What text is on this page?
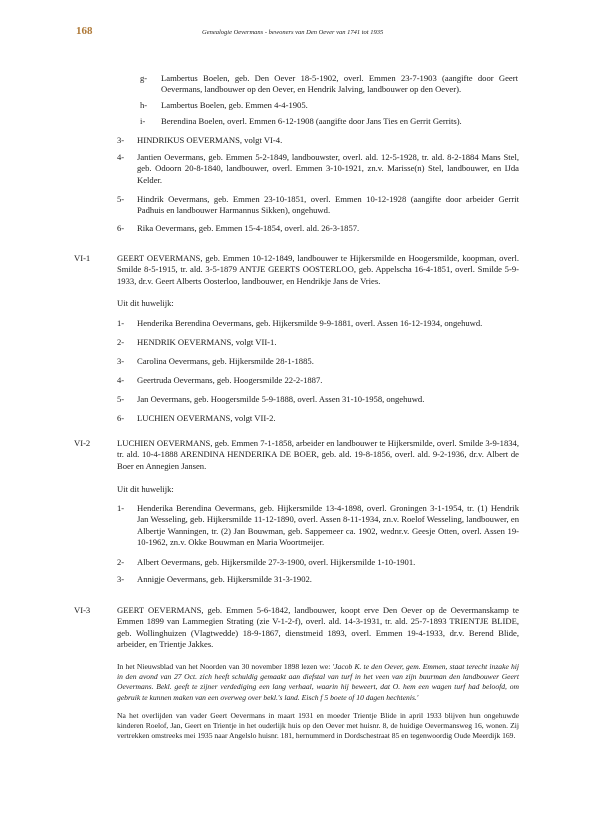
168	Genealogie Oevermans - bewoners van Den Oever van 1741 tot 1935
g- Lambertus Boelen, geb. Den Oever 18-5-1902, overl. Emmen 23-7-1903 (aangifte door Geert Oevermans, landbouwer op den Oever, en Hendrik Jalving, landbouwer op den Oever).
h- Lambertus Boelen, geb. Emmen 4-4-1905.
i- Berendina Boelen, overl. Emmen 6-12-1908 (aangifte door Jans Ties en Gerrit Gerrits).
3- HINDRIKUS OEVERMANS, volgt VI-4.
4- Jantien Oevermans, geb. Emmen 5-2-1849, landbouwster, overl. ald. 12-5-1928, tr. ald. 8-2-1884 Mans Stel, geb. Odoorn 20-8-1840, landbouwer, overl. Emmen 3-10-1921, zn.v. Marisse(n) Stel, landbouwer, en IJda Kelder.
5- Hindrik Oevermans, geb. Emmen 23-10-1851, overl. Emmen 10-12-1928 (aangifte door arbeider Gerrit Padhuis en landbouwer Harmannus Sikken), ongehuwd.
6- Rika Oevermans, geb. Emmen 15-4-1854, overl. ald. 26-3-1857.
VI-1	GEERT OEVERMANS, geb. Emmen 10-12-1849, landbouwer te Hijkersmilde en Hoogersmilde, koopman, overl. Smilde 8-5-1915, tr. ald. 3-5-1879 ANTJE GEERTS OOSTERLOO, geb. Appelscha 16-4-1851, overl. Smilde 5-9-1933, dr.v. Geert Alberts Oosterloo, landbouwer, en Hendrikje Jans de Vries.
Uit dit huwelijk:
1- Henderika Berendina Oevermans, geb. Hijkersmilde 9-9-1881, overl. Assen 16-12-1934, ongehuwd.
2- HENDRIK OEVERMANS, volgt VII-1.
3- Carolina Oevermans, geb. Hijkersmilde 28-1-1885.
4- Geertruda Oevermans, geb. Hoogersmilde 22-2-1887.
5- Jan Oevermans, geb. Hoogersmilde 5-9-1888, overl. Assen 31-10-1958, ongehuwd.
6- LUCHIEN OEVERMANS, volgt VII-2.
VI-2	LUCHIEN OEVERMANS, geb. Emmen 7-1-1858, arbeider en landbouwer te Hijkersmilde, overl. Smilde 3-9-1834, tr. ald. 10-4-1888 ARENDINA HENDERIKA DE BOER, geb. ald. 19-8-1856, overl. ald. 9-2-1936, dr.v. Albert de Boer en Annegien Jansen.
Uit dit huwelijk:
1- Henderika Berendina Oevermans, geb. Hijkersmilde 13-4-1898, overl. Groningen 3-1-1954, tr. (1) Hendrik Jan Wesseling, geb. Hijkersmilde 11-12-1890, overl. Assen 8-11-1934, zn.v. Roelof Wesseling, landbouwer, en Albertje Wanningen, tr. (2) Jan Bouwman, geb. Sappemeer ca. 1902, wednr.v. Geesje Otten, overl. Assen 19-10-1962, zn.v. Okke Bouwman en Maria Woortmeijer.
2- Albert Oevermans, geb. Hijkersmilde 27-3-1900, overl. Hijkersmilde 1-10-1901.
3- Annigje Oevermans, geb. Hijkersmilde 31-3-1902.
VI-3	GEERT OEVERMANS, geb. Emmen 5-6-1842, landbouwer, koopt erve Den Oever op de Oevermanskamp te Emmen 1899 van Lammegien Strating (zie V-1-2-f), overl. ald. 14-3-1931, tr. ald. 25-7-1893 TRIENTJE BLIDE, geb. Wollinghuizen (Vlagtwedde) 18-9-1867, dienstmeid 1893, overl. Emmen 19-4-1933, dr.v. Berend Blide, arbeider, en Trientje Jakkes.
In het Nieuwsblad van het Noorden van 30 november 1898 lezen we: 'Jacob K. te den Oever, gem. Emmen, staat terecht inzake hij in den avond van 27 Oct. zich heeft schuldig gemaakt aan diefstal van turf in het veen van zijn buurman den landbouwer Geert Oevermans. Bekl. geeft te zijner verdediging een lang verhaal, waarin hij beweert, dat O. hem een wagen turf had beloofd, om gebruik te kunnen maken van een overweg over bekl.'s land. Eisch f 5 boete of 10 dagen hechtenis.'
Na het overlijden van vader Geert Oevermans in maart 1931 en moeder Trientje Blide in april 1933 blijven hun ongehuwde kinderen Roelof, Jan, Geert en Trientje in het ouderlijk huis op den Oever met huisnr. 8, de huidige Oevermansweg 16, wonen. Zij vertrekken omstreeks mei 1935 naar Angelslo huisnr. 181, hernummerd in Dordschestraat 85 en tegenwoordig Oude Meerdijk 169.
